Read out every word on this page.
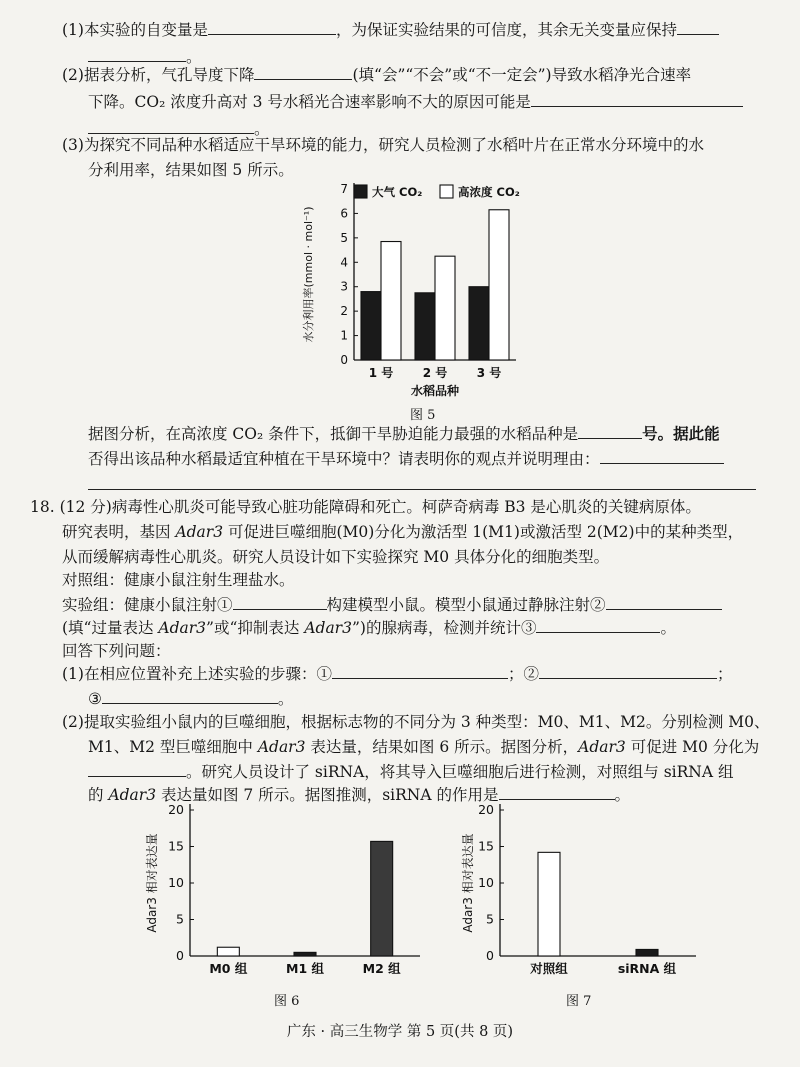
(1)本实验的自变量是	，为保证实验结果的可信度，其余无关变量应保持
。
(2)据表分析，气孔导度下降	(填“会”“不会”或“不一定会”)导致水稻净光合速率
下降。CO₂ 浓度升高对 3 号水稻光合速率影响不大的原因可能是
。
(3)为探究不同品种水稻适应干旱环境的能力，研究人员检测了水稻叶片在正常水分环境中的水
分利用率，结果如图 5 所示。
0
1
2
3
4
5
6
7
水分利用率(mmol · mol⁻¹)
1 号 2 号 3 号
水稻品种
大气 CO₂	高浓度 CO₂
图 5
据图分析，在高浓度 CO₂ 条件下，抵御干旱胁迫能力最强的水稻品种是	号。据此能
否得出该品种水稻最适宜种植在干旱环境中？请表明你的观点并说明理由：
18. (12 分)病毒性心肌炎可能导致心脏功能障碍和死亡。柯萨奇病毒 B3 是心肌炎的关键病原体。
研究表明，基因 Adar3 可促进巨噬细胞(M0)分化为激活型 1(M1)或激活型 2(M2)中的某种类型，
从而缓解病毒性心肌炎。研究人员设计如下实验探究 M0 具体分化的细胞类型。
对照组：健康小鼠注射生理盐水。
实验组：健康小鼠注射①	构建模型小鼠。模型小鼠通过静脉注射②
(填“过量表达 Adar3”或“抑制表达 Adar3”)的腺病毒，检测并统计③	。
回答下列问题：
(1)在相应位置补充上述实验的步骤：①	；②	；
③	。
(2)提取实验组小鼠内的巨噬细胞，根据标志物的不同分为 3 种类型：M0、M1、M2。分别检测 M0、
M1、M2 型巨噬细胞中 Adar3 表达量，结果如图 6 所示。据图分析，Adar3 可促进 M0 分化为
。研究人员设计了 siRNA，将其导入巨噬细胞后进行检测，对照组与 siRNA 组
的 Adar3 表达量如图 7 所示。据图推测，siRNA 的作用是	。
0
5
10
15
20
Adar3 相对表达量
M0 组	M1 组	M2 组
图 6
0
5
10
15
20
Adar3 相对表达量
对照组	siRNA 组
图 7
广东 · 高三生物学 第 5 页(共 8 页)
